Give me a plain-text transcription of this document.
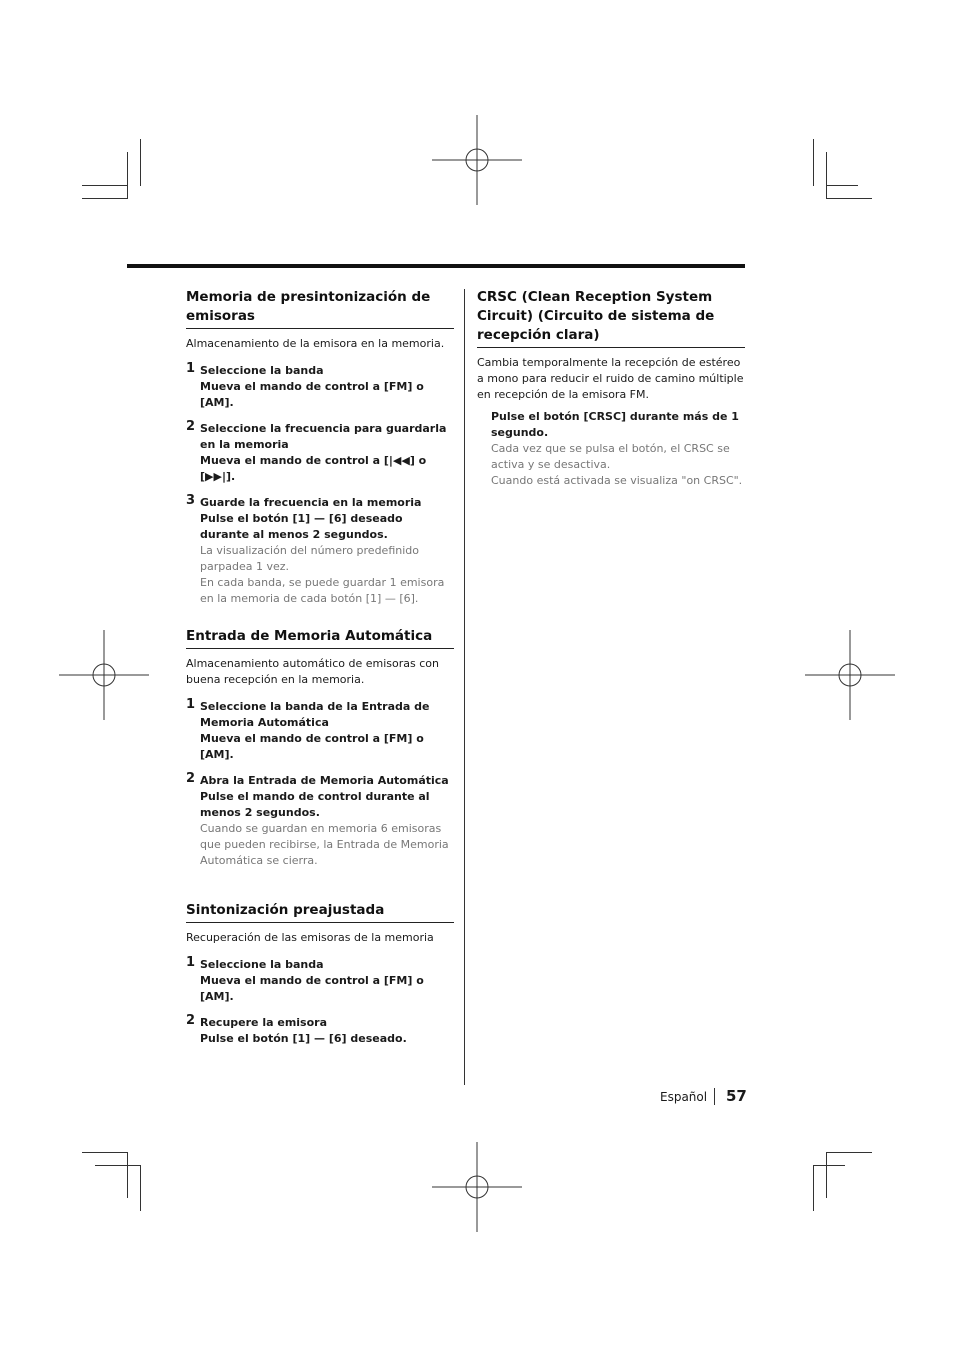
Memoria de presintonización de emisoras
Almacenamiento de la emisora en la memoria.
1 Seleccione la banda
Mueva el mando de control a [FM] o [AM].
2 Seleccione la frecuencia para guardarla en la memoria
Mueva el mando de control a [|◀◀] o [▶▶|].
3 Guarde la frecuencia en la memoria
Pulse el botón [1] — [6] deseado durante al menos 2 segundos.
La visualización del número predefinido parpadea 1 vez.
En cada banda, se puede guardar 1 emisora en la memoria de cada botón [1] — [6].
Entrada de Memoria Automática
Almacenamiento automático de emisoras con buena recepción en la memoria.
1 Seleccione la banda de la Entrada de Memoria Automática
Mueva el mando de control a [FM] o [AM].
2 Abra la Entrada de Memoria Automática
Pulse el mando de control durante al menos 2 segundos.
Cuando se guardan en memoria 6 emisoras que pueden recibirse, la Entrada de Memoria Automática se cierra.
Sintonización preajustada
Recuperación de las emisoras de la memoria
1 Seleccione la banda
Mueva el mando de control a [FM] o [AM].
2 Recupere la emisora
Pulse el botón [1] — [6] deseado.
CRSC (Clean Reception System Circuit) (Circuito de sistema de recepción clara)
Cambia temporalmente la recepción de estéreo a mono para reducir el ruido de camino múltiple en recepción de la emisora FM.
Pulse el botón [CRSC] durante más de 1 segundo.
Cada vez que se pulsa el botón, el CRSC se activa y se desactiva.
Cuando está activada se visualiza "on CRSC".
Español 57
